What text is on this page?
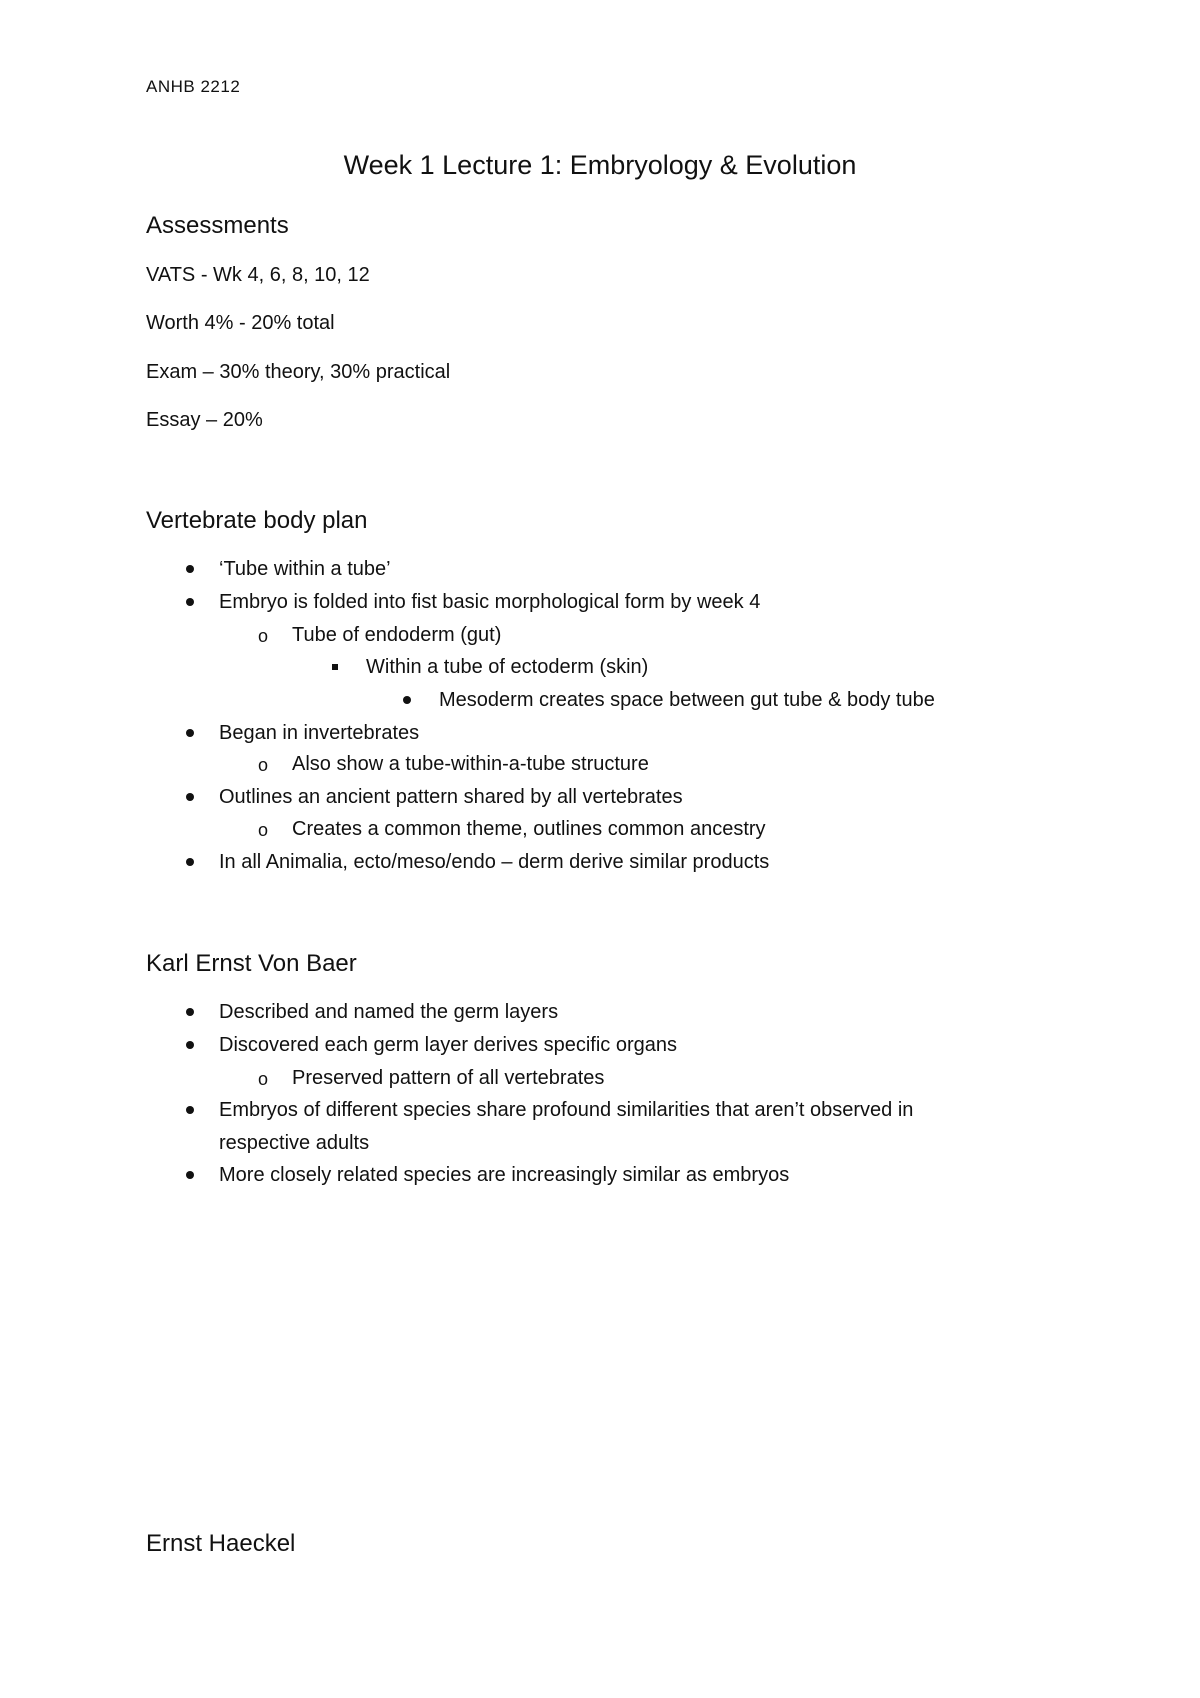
ANHB 2212
Week 1 Lecture 1: Embryology & Evolution
Assessments
VATS - Wk 4, 6, 8, 10, 12
Worth 4% - 20% total
Exam – 30% theory, 30% practical
Essay – 20%
Vertebrate body plan
‘Tube within a tube’
Embryo is folded into fist basic morphological form by week 4
o Tube of endoderm (gut)
Within a tube of ectoderm (skin)
Mesoderm creates space between gut tube & body tube
Began in invertebrates
o Also show a tube-within-a-tube structure
Outlines an ancient pattern shared by all vertebrates
o Creates a common theme, outlines common ancestry
In all Animalia, ecto/meso/endo – derm derive similar products
Karl Ernst Von Baer
Described and named the germ layers
Discovered each germ layer derives specific organs
o Preserved pattern of all vertebrates
Embryos of different species share profound similarities that aren’t observed in
respective adults
More closely related species are increasingly similar as embryos
Ernst Haeckel
